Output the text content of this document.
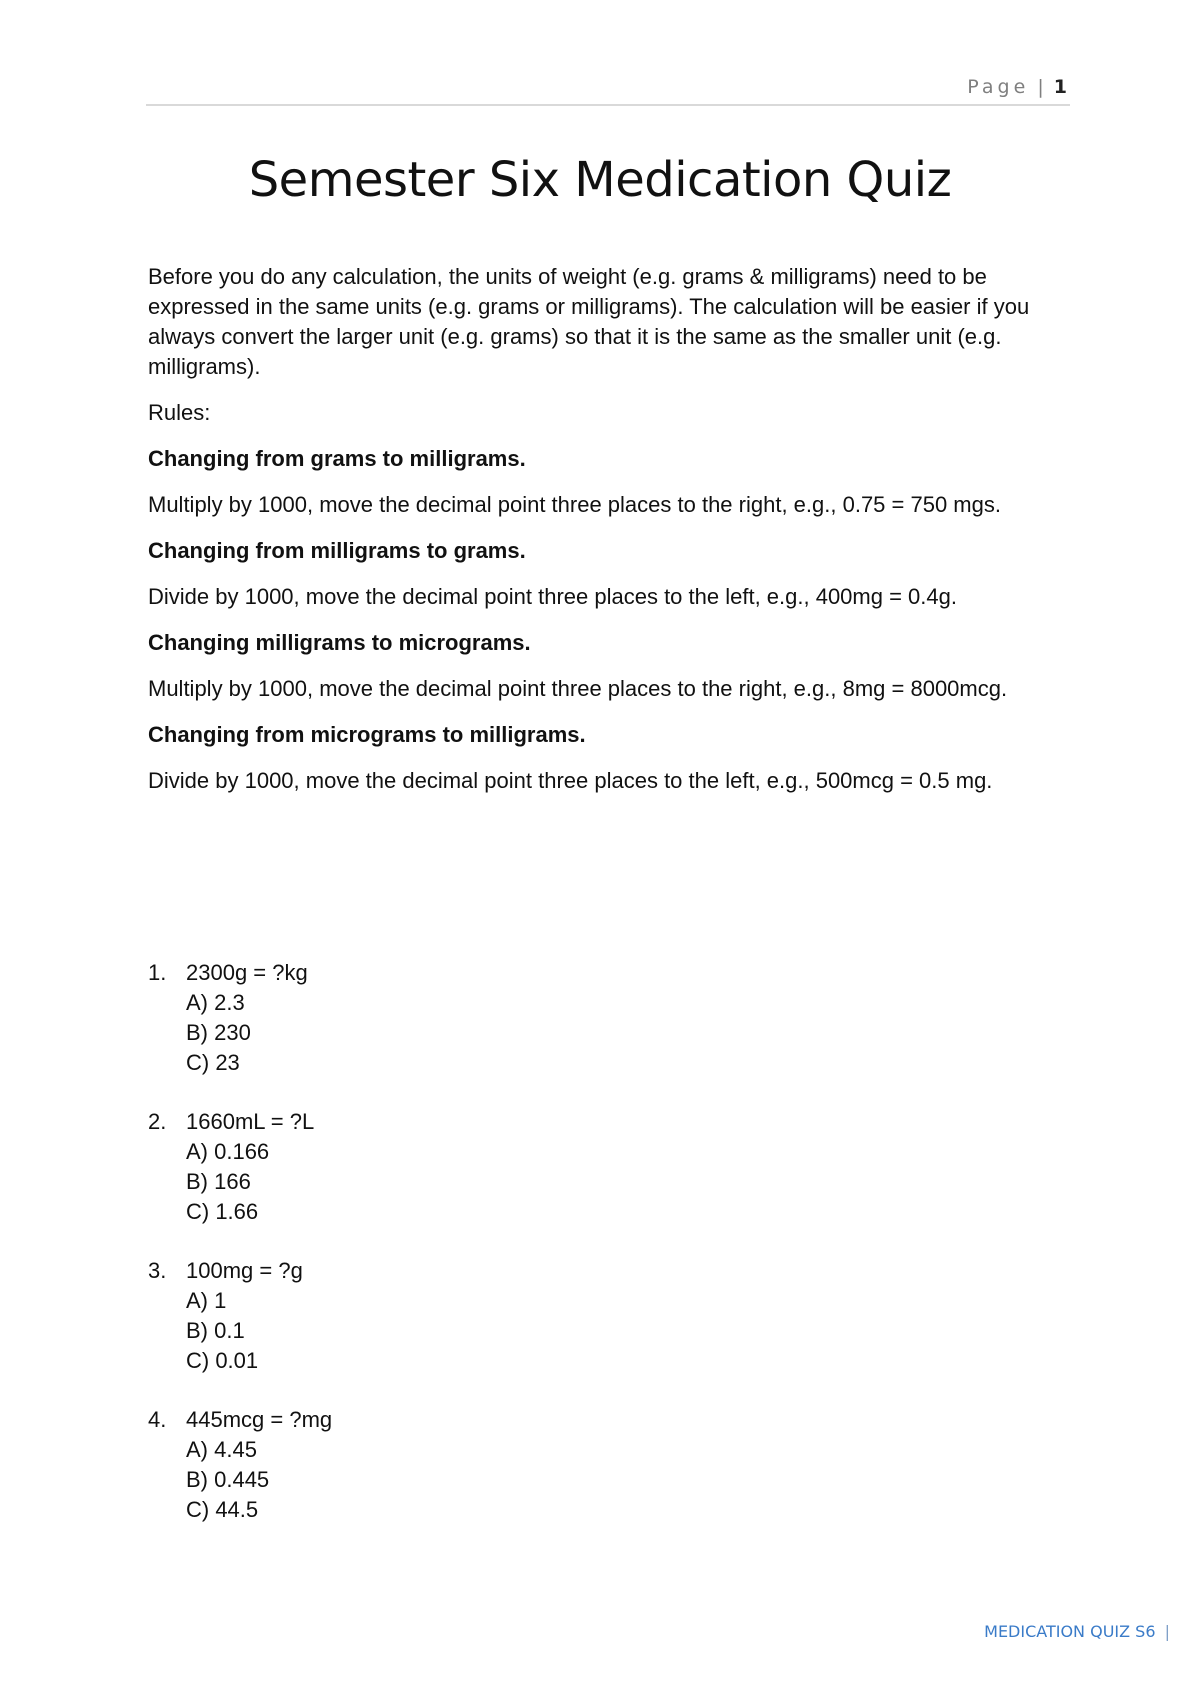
Page | 1
Semester Six Medication Quiz

Before you do any calculation, the units of weight (e.g. grams & milligrams) need to be expressed in the same units (e.g. grams or milligrams). The calculation will be easier if you always convert the larger unit (e.g. grams) so that it is the same as the smaller unit (e.g. milligrams).

Rules:

Changing from grams to milligrams.

Multiply by 1000, move the decimal point three places to the right, e.g., 0.75 = 750 mgs.

Changing from milligrams to grams.

Divide by 1000, move the decimal point three places to the left, e.g., 400mg = 0.4g.

Changing milligrams to micrograms.

Multiply by 1000, move the decimal point three places to the right, e.g., 8mg = 8000mcg.

Changing from micrograms to milligrams.

Divide by 1000, move the decimal point three places to the left, e.g., 500mcg = 0.5 mg.

1. 2300g = ?kg
A) 2.3
B) 230
C) 23
2. 1660mL = ?L
A) 0.166
B) 166
C) 1.66
3. 100mg = ?g
A) 1
B) 0.1
C) 0.01
4. 445mcg = ?mg
A) 4.45
B) 0.445
C) 44.5
MEDICATION QUIZ S6 |
